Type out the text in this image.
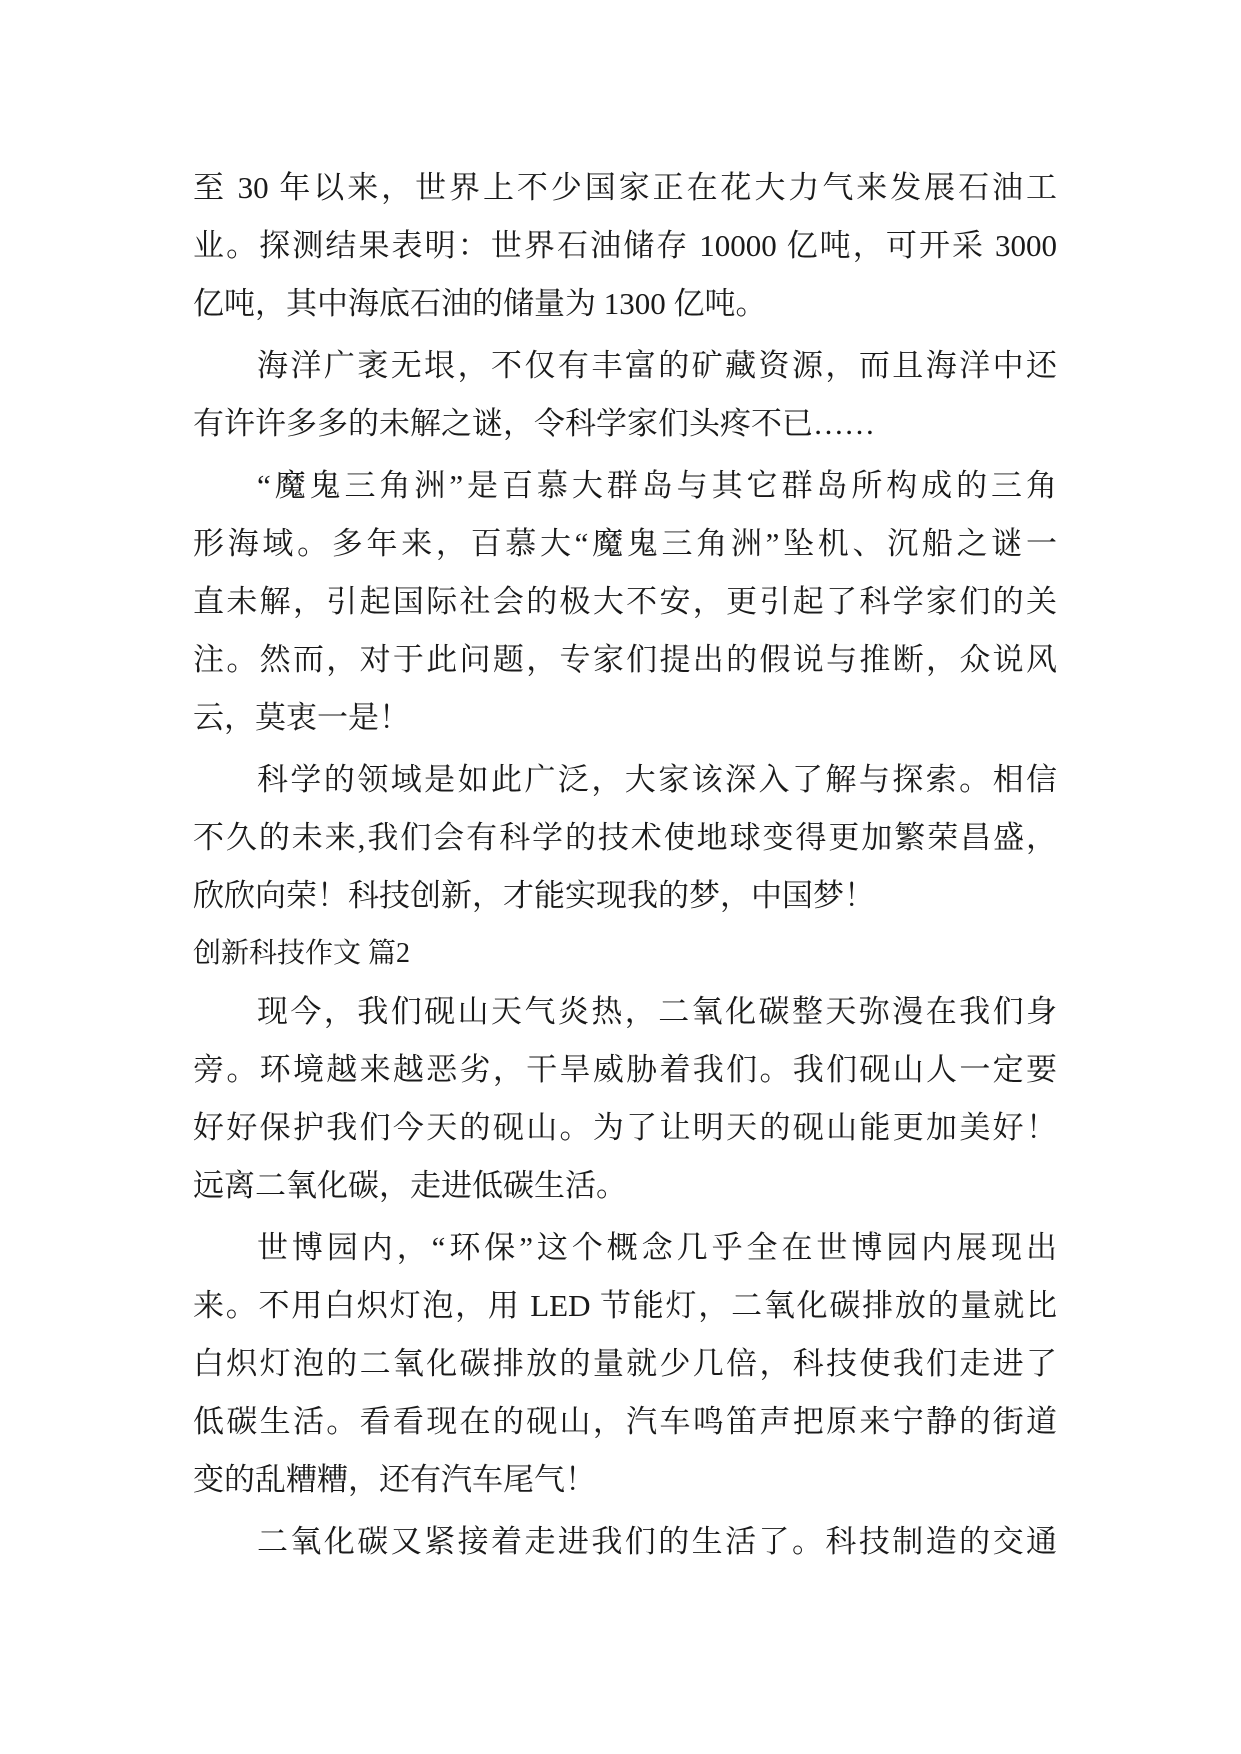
至 30 年以来，世界上不少国家正在花大力气来发展石油工
业。探测结果表明：世界石油储存 10000 亿吨，可开采 3000
亿吨，其中海底石油的储量为 1300 亿吨。

海洋广袤无垠，不仅有丰富的矿藏资源，而且海洋中还
有许许多多的未解之谜，令科学家们头疼不已……

“魔鬼三角洲”是百慕大群岛与其它群岛所构成的三角
形海域。多年来，百慕大“魔鬼三角洲”坠机、沉船之谜一
直未解，引起国际社会的极大不安，更引起了科学家们的关
注。然而，对于此问题，专家们提出的假说与推断，众说风
云，莫衷一是！

科学的领域是如此广泛，大家该深入了解与探索。相信
不久的未来,我们会有科学的技术使地球变得更加繁荣昌盛，
欣欣向荣！科技创新，才能实现我的梦，中国梦！

创新科技作文 篇2

现今，我们砚山天气炎热，二氧化碳整天弥漫在我们身
旁。环境越来越恶劣，干旱威胁着我们。我们砚山人一定要
好好保护我们今天的砚山。为了让明天的砚山能更加美好！
远离二氧化碳，走进低碳生活。

世博园内，“环保”这个概念几乎全在世博园内展现出
来。不用白炽灯泡，用 LED 节能灯，二氧化碳排放的量就比
白炽灯泡的二氧化碳排放的量就少几倍，科技使我们走进了
低碳生活。看看现在的砚山，汽车鸣笛声把原来宁静的街道
变的乱糟糟，还有汽车尾气！

二氧化碳又紧接着走进我们的生活了。科技制造的交通
